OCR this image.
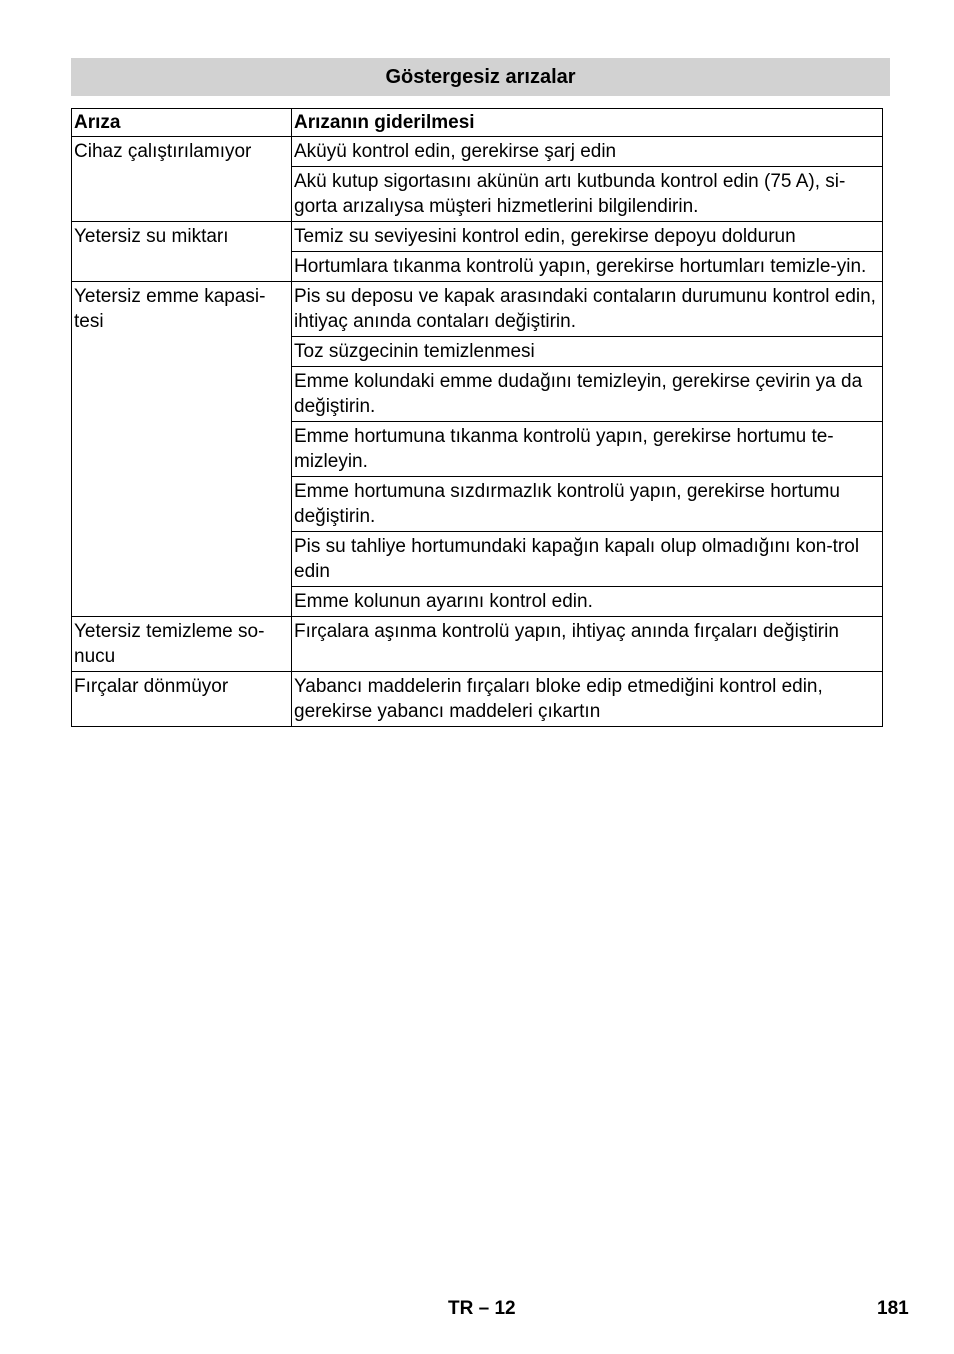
Göstergesiz arızalar
Arıza	Arızanın giderilmesi
Cihaz çalıştırılamıyor	Aküyü kontrol edin, gerekirse şarj edin
	Akü kutup sigortasını akünün artı kutbunda kontrol edin (75 A), si-gorta arızalıysa müşteri hizmetlerini bilgilendirin.
Yetersiz su miktarı	Temiz su seviyesini kontrol edin, gerekirse depoyu doldurun
	Hortumlara tıkanma kontrolü yapın, gerekirse hortumları temizle-yin.
Yetersiz emme kapasi-tesi	Pis su deposu ve kapak arasındaki contaların durumunu kontrol edin, ihtiyaç anında contaları değiştirin.
	Toz süzgecinin temizlenmesi
	Emme kolundaki emme dudağını temizleyin, gerekirse çevirin ya da değiştirin.
	Emme hortumuna tıkanma kontrolü yapın, gerekirse hortumu te-mizleyin.
	Emme hortumuna sızdırmazlık kontrolü yapın, gerekirse hortumu değiştirin.
	Pis su tahliye hortumundaki kapağın kapalı olup olmadığını kon-trol edin
	Emme kolunun ayarını kontrol edin.
Yetersiz temizleme so-nucu	Fırçalara aşınma kontrolü yapın, ihtiyaç anında fırçaları değiştirin
Fırçalar dönmüyor	Yabancı maddelerin fırçaları bloke edip etmediğini kontrol edin, gerekirse yabancı maddeleri çıkartın
TR – 12	181
